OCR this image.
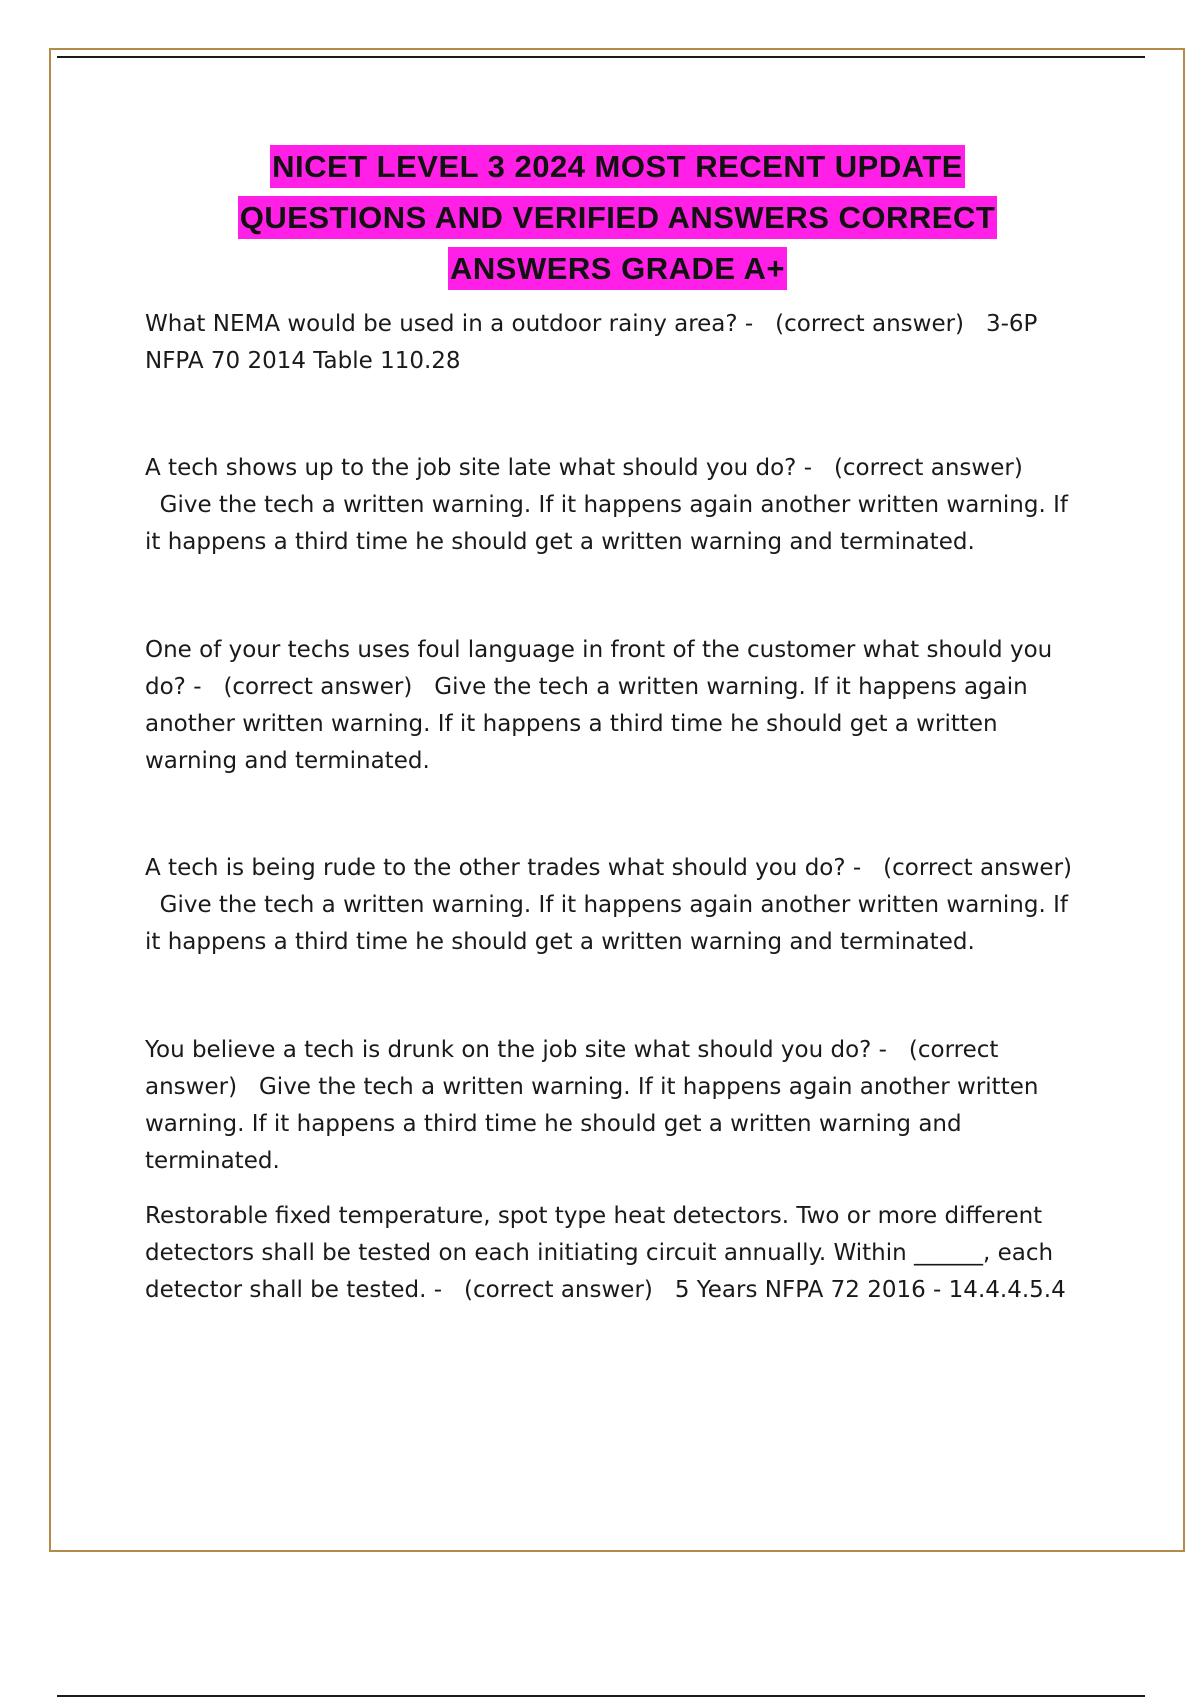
NICET LEVEL 3 2024 MOST RECENT UPDATE
QUESTIONS AND VERIFIED ANSWERS CORRECT
ANSWERS GRADE A+

What NEMA would be used in a outdoor rainy area? - (correct answer) 3-6P NFPA 70 2014 Table 110.28

A tech shows up to the job site late what should you do? - (correct answer)  Give the tech a written warning. If it happens again another written warning. If it happens a third time he should get a written warning and terminated.

One of your techs uses foul language in front of the customer what should you do? - (correct answer) Give the tech a written warning. If it happens again another written warning. If it happens a third time he should get a written warning and terminated.

A tech is being rude to the other trades what should you do? - (correct answer)  Give the tech a written warning. If it happens again another written warning. If it happens a third time he should get a written warning and terminated.

You believe a tech is drunk on the job site what should you do? - (correct answer) Give the tech a written warning. If it happens again another written warning. If it happens a third time he should get a written warning and terminated.

Restorable fixed temperature, spot type heat detectors. Two or more different detectors shall be tested on each initiating circuit annually. Within ______, each detector shall be tested. - (correct answer) 5 Years NFPA 72 2016 - 14.4.4.5.4
